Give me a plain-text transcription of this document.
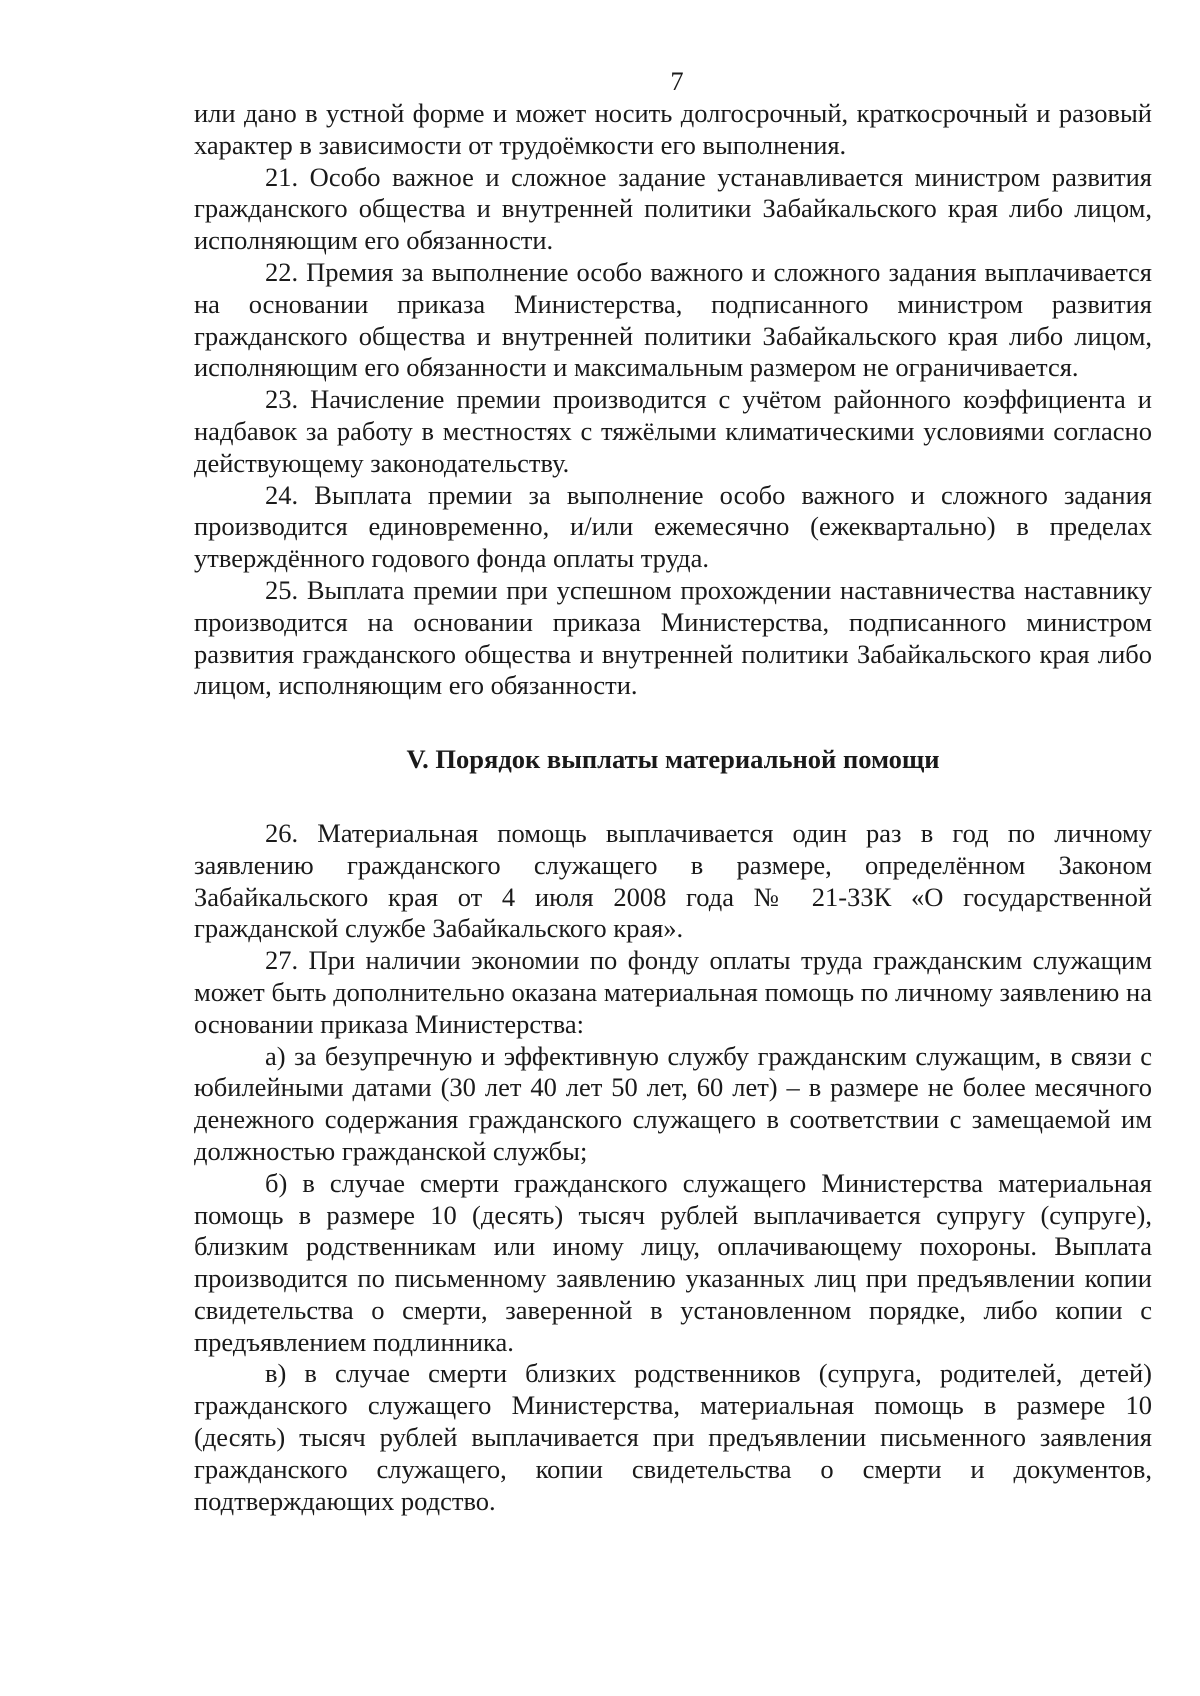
7

или дано в устной форме и может носить долгосрочный, краткосрочный и разовый характер в зависимости от трудоёмкости его выполнения.

21. Особо важное и сложное задание устанавливается министром развития гражданского общества и внутренней политики Забайкальского края либо лицом, исполняющим его обязанности.

22. Премия за выполнение особо важного и сложного задания выплачивается на основании приказа Министерства, подписанного министром развития гражданского общества и внутренней политики Забайкальского края либо лицом, исполняющим его обязанности и максимальным размером не ограничивается.

23. Начисление премии производится с учётом районного коэффициента и надбавок за работу в местностях с тяжёлыми климатическими условиями согласно действующему законодательству.

24. Выплата премии за выполнение особо важного и сложного задания производится единовременно, и/или ежемесячно (ежеквартально) в пределах утверждённого годового фонда оплаты труда.

25. Выплата премии при успешном прохождении наставничества наставнику производится на основании приказа Министерства, подписанного министром развития гражданского общества и внутренней политики Забайкальского края либо лицом, исполняющим его обязанности.

V. Порядок выплаты материальной помощи

26. Материальная помощь выплачивается один раз в год по личному заявлению гражданского служащего в размере, определённом Законом Забайкальского края от 4 июля 2008 года № 21-ЗЗК «О государственной гражданской службе Забайкальского края».

27. При наличии экономии по фонду оплаты труда гражданским служащим может быть дополнительно оказана материальная помощь по личному заявлению на основании приказа Министерства:

а) за безупречную и эффективную службу гражданским служащим, в связи с юбилейными датами (30 лет 40 лет 50 лет, 60 лет) – в размере не более месячного денежного содержания гражданского служащего в соответствии с замещаемой им должностью гражданской службы;

б) в случае смерти гражданского служащего Министерства материальная помощь в размере 10 (десять) тысяч рублей выплачивается супругу (супруге), близким родственникам или иному лицу, оплачивающему похороны. Выплата производится по письменному заявлению указанных лиц при предъявлении копии свидетельства о смерти, заверенной в установленном порядке, либо копии с предъявлением подлинника.

в) в случае смерти близких родственников (супруга, родителей, детей) гражданского служащего Министерства, материальная помощь в размере 10 (десять) тысяч рублей выплачивается при предъявлении письменного заявления гражданского служащего, копии свидетельства о смерти и документов, подтверждающих родство.
